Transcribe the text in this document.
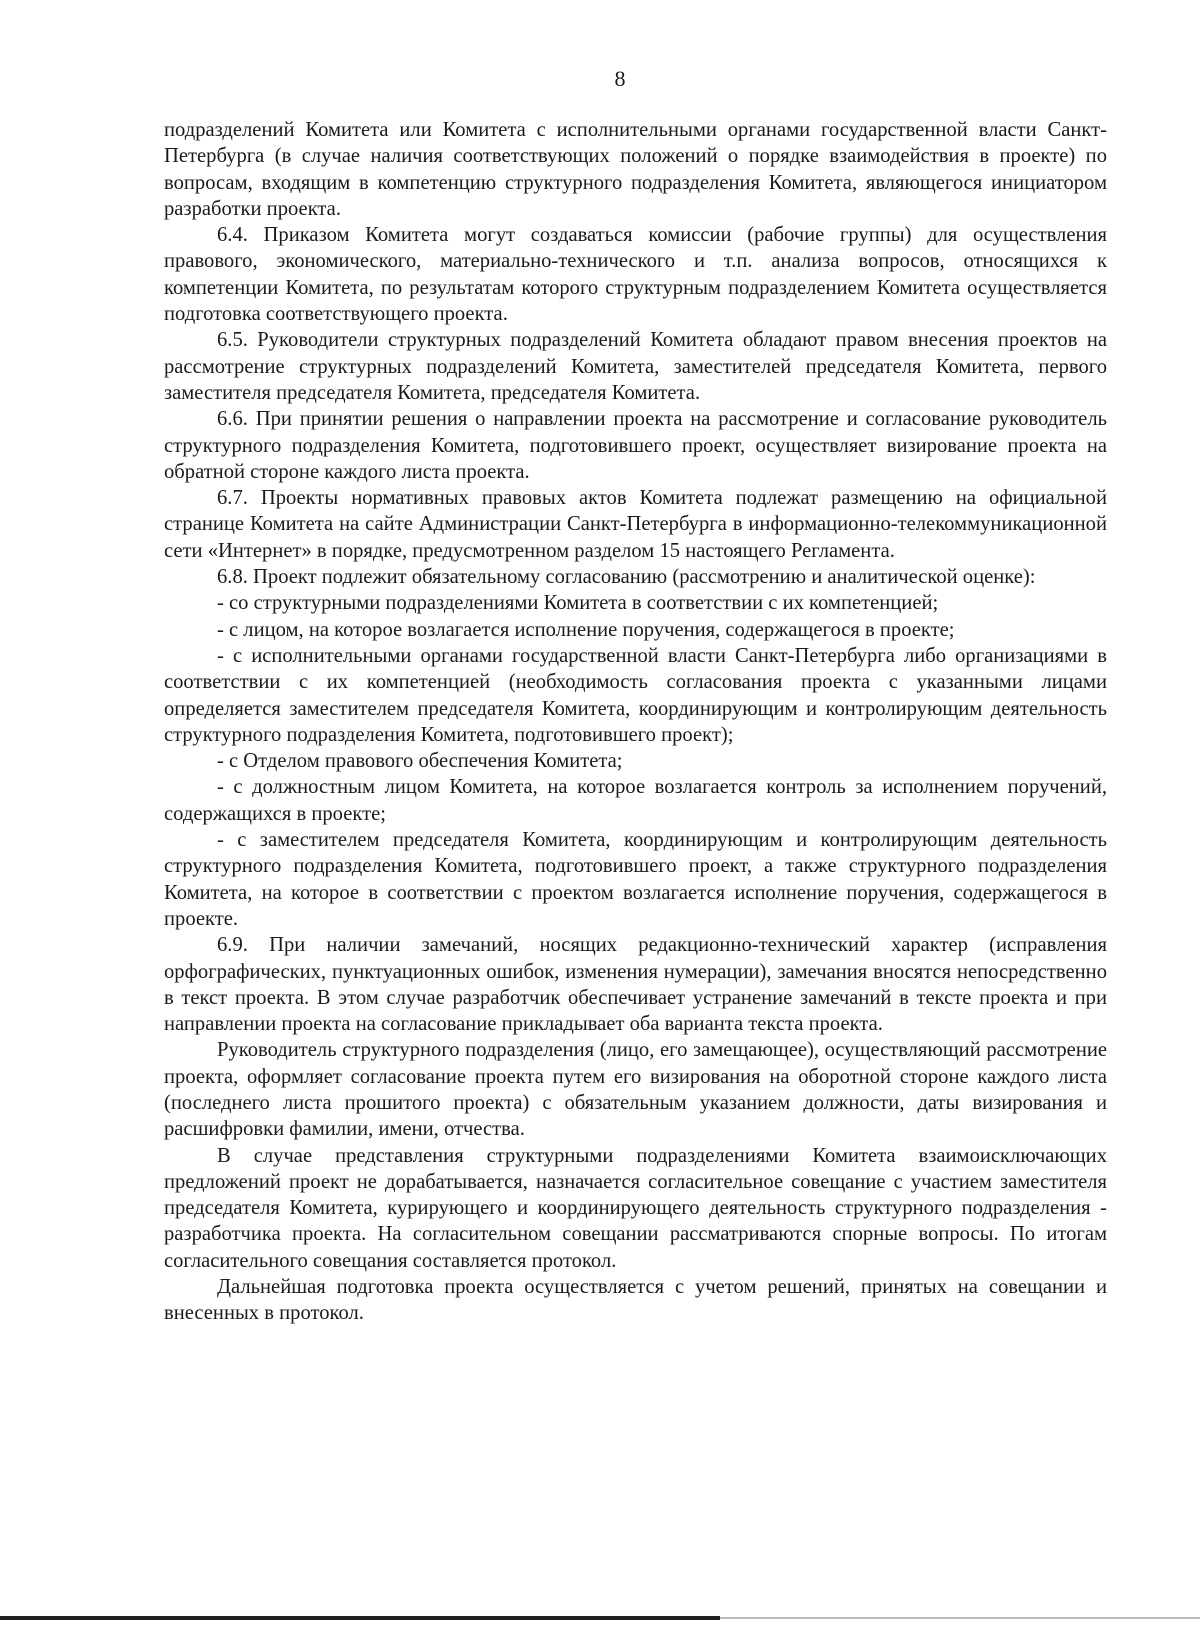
8

подразделений Комитета или Комитета с исполнительными органами государственной власти Санкт-Петербурга (в случае наличия соответствующих положений о порядке взаимодействия в проекте) по вопросам, входящим в компетенцию структурного подразделения Комитета, являющегося инициатором разработки проекта.

6.4. Приказом Комитета могут создаваться комиссии (рабочие группы) для осуществления правового, экономического, материально-технического и т.п. анализа вопросов, относящихся к компетенции Комитета, по результатам которого структурным подразделением Комитета осуществляется подготовка соответствующего проекта.

6.5. Руководители структурных подразделений Комитета обладают правом внесения проектов на рассмотрение структурных подразделений Комитета, заместителей председателя Комитета, первого заместителя председателя Комитета, председателя Комитета.

6.6. При принятии решения о направлении проекта на рассмотрение и согласование руководитель структурного подразделения Комитета, подготовившего проект, осуществляет визирование проекта на обратной стороне каждого листа проекта.

6.7. Проекты нормативных правовых актов Комитета подлежат размещению на официальной странице Комитета на сайте Администрации Санкт-Петербурга в информационно-телекоммуникационной сети «Интернет» в порядке, предусмотренном разделом 15 настоящего Регламента.

6.8. Проект подлежит обязательному согласованию (рассмотрению и аналитической оценке):

- со структурными подразделениями Комитета в соответствии с их компетенцией;

- с лицом, на которое возлагается исполнение поручения, содержащегося в проекте;

- с исполнительными органами государственной власти Санкт-Петербурга либо организациями в соответствии с их компетенцией (необходимость согласования проекта с указанными лицами определяется заместителем председателя Комитета, координирующим и контролирующим деятельность структурного подразделения Комитета, подготовившего проект);

- с Отделом правового обеспечения Комитета;

- с должностным лицом Комитета, на которое возлагается контроль за исполнением поручений, содержащихся в проекте;

- с заместителем председателя Комитета, координирующим и контролирующим деятельность структурного подразделения Комитета, подготовившего проект, а также структурного подразделения Комитета, на которое в соответствии с проектом возлагается исполнение поручения, содержащегося в проекте.

6.9. При наличии замечаний, носящих редакционно-технический характер (исправления орфографических, пунктуационных ошибок, изменения нумерации), замечания вносятся непосредственно в текст проекта. В этом случае разработчик обеспечивает устранение замечаний в тексте проекта и при направлении проекта на согласование прикладывает оба варианта текста проекта.

Руководитель структурного подразделения (лицо, его замещающее), осуществляющий рассмотрение проекта, оформляет согласование проекта путем его визирования на оборотной стороне каждого листа (последнего листа прошитого проекта) с обязательным указанием должности, даты визирования и расшифровки фамилии, имени, отчества.

В случае представления структурными подразделениями Комитета взаимоисключающих предложений проект не дорабатывается, назначается согласительное совещание с участием заместителя председателя Комитета, курирующего и координирующего деятельность структурного подразделения - разработчика проекта. На согласительном совещании рассматриваются спорные вопросы. По итогам согласительного совещания составляется протокол.

Дальнейшая подготовка проекта осуществляется с учетом решений, принятых на совещании и внесенных в протокол.
